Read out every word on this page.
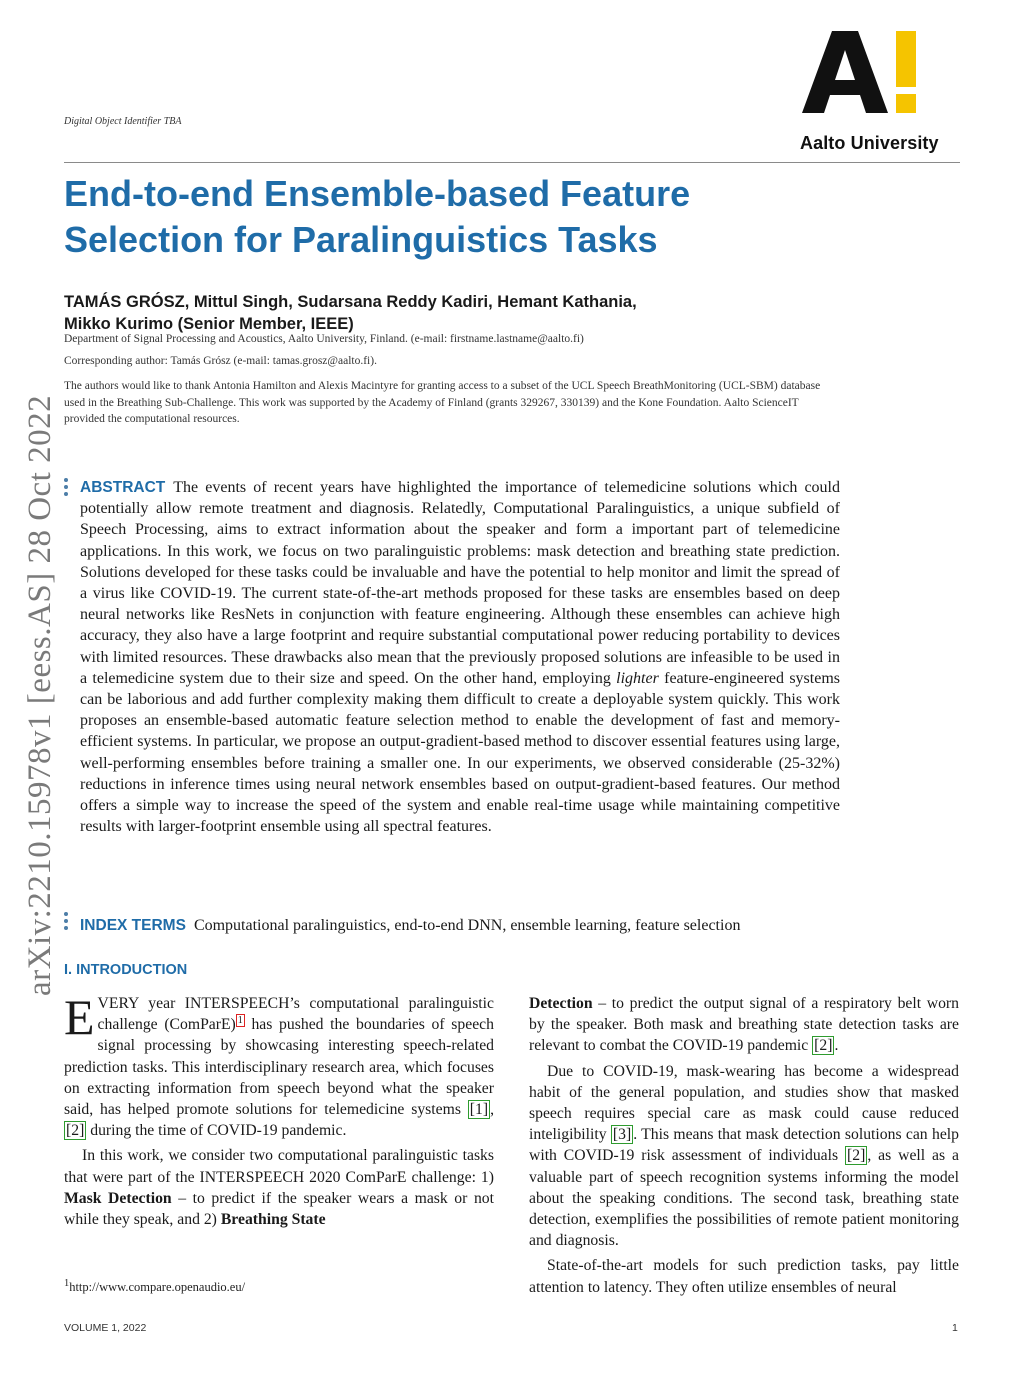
Digital Object Identifier TBA
Aalto University
End-to-end Ensemble-based Feature Selection for Paralinguistics Tasks
TAMÁS GRÓSZ, Mittul Singh, Sudarsana Reddy Kadiri, Hemant Kathania,
Mikko Kurimo (Senior Member, IEEE)
Department of Signal Processing and Acoustics, Aalto University, Finland. (e-mail: firstname.lastname@aalto.fi)
Corresponding author: Tamás Grósz (e-mail: tamas.grosz@aalto.fi).
The authors would like to thank Antonia Hamilton and Alexis Macintyre for granting access to a subset of the UCL Speech BreathMonitoring (UCL-SBM) database used in the Breathing Sub-Challenge. This work was supported by the Academy of Finland (grants 329267, 330139) and the Kone Foundation. Aalto ScienceIT provided the computational resources.
arXiv:2210.15978v1 [eess.AS] 28 Oct 2022 ABSTRACT The events of recent years have highlighted the importance of telemedicine solutions which could potentially allow remote treatment and diagnosis. Relatedly, Computational Paralinguistics, a unique subfield of Speech Processing, aims to extract information about the speaker and form a important part of telemedicine applications. In this work, we focus on two paralinguistic problems: mask detection and breathing state prediction. Solutions developed for these tasks could be invaluable and have the potential to help monitor and limit the spread of a virus like COVID-19. The current state-of-the-art methods proposed for these tasks are ensembles based on deep neural networks like ResNets in conjunction with feature engineering. Although these ensembles can achieve high accuracy, they also have a large footprint and require substantial computational power reducing portability to devices with limited resources. These drawbacks also mean that the previously proposed solutions are infeasible to be used in a telemedicine system due to their size and speed. On the other hand, employing lighter feature-engineered systems can be laborious and add further complexity making them difficult to create a deployable system quickly. This work proposes an ensemble-based automatic feature selection method to enable the development of fast and memory-efficient systems. In particular, we propose an output-gradient-based method to discover essential features using large, well-performing ensembles before training a smaller one. In our experiments, we observed considerable (25-32%) reductions in inference times using neural network ensembles based on output-gradient-based features. Our method offers a simple way to increase the speed of the system and enable real-time usage while maintaining competitive results with larger-footprint ensemble using all spectral features.
INDEX TERMS Computational paralinguistics, end-to-end DNN, ensemble learning, feature selection
I. INTRODUCTION

EVERY year INTERSPEECH’s computational paralinguistic challenge (ComParE) $^1$ has pushed the boundaries of speech signal processing by showcasing interesting speech-related prediction tasks. This interdisciplinary research area, which focuses on extracting information from speech beyond what the speaker said, has helped promote solutions for telemedicine systems [1] , [2] during the time of COVID-19 pandemic.

In this work, we consider two computational paralinguistic tasks that were part of the INTERSPEECH 2020 ComParE challenge: 1) Mask Detection – to predict if the speaker wears a mask or not while they speak, and 2) Breathing State

Detection – to predict the output signal of a respiratory belt worn by the speaker. Both mask and breathing state detection tasks are relevant to combat the COVID-19 pandemic [2] .

Due to COVID-19, mask-wearing has become a widespread habit of the general population, and studies show that masked speech requires special care as mask could cause reduced inteligibility [3] . This means that mask detection solutions can help with COVID-19 risk assessment of individuals [2] , as well as a valuable part of speech recognition systems informing the model about the speaking conditions. The second task, breathing state detection, exemplifies the possibilities of remote patient monitoring and diagnosis.

State-of-the-art models for such prediction tasks, pay little attention to latency. They often utilize ensembles of neural

$^1$http://www.compare.openaudio.eu/
VOLUME 1, 2022	1
